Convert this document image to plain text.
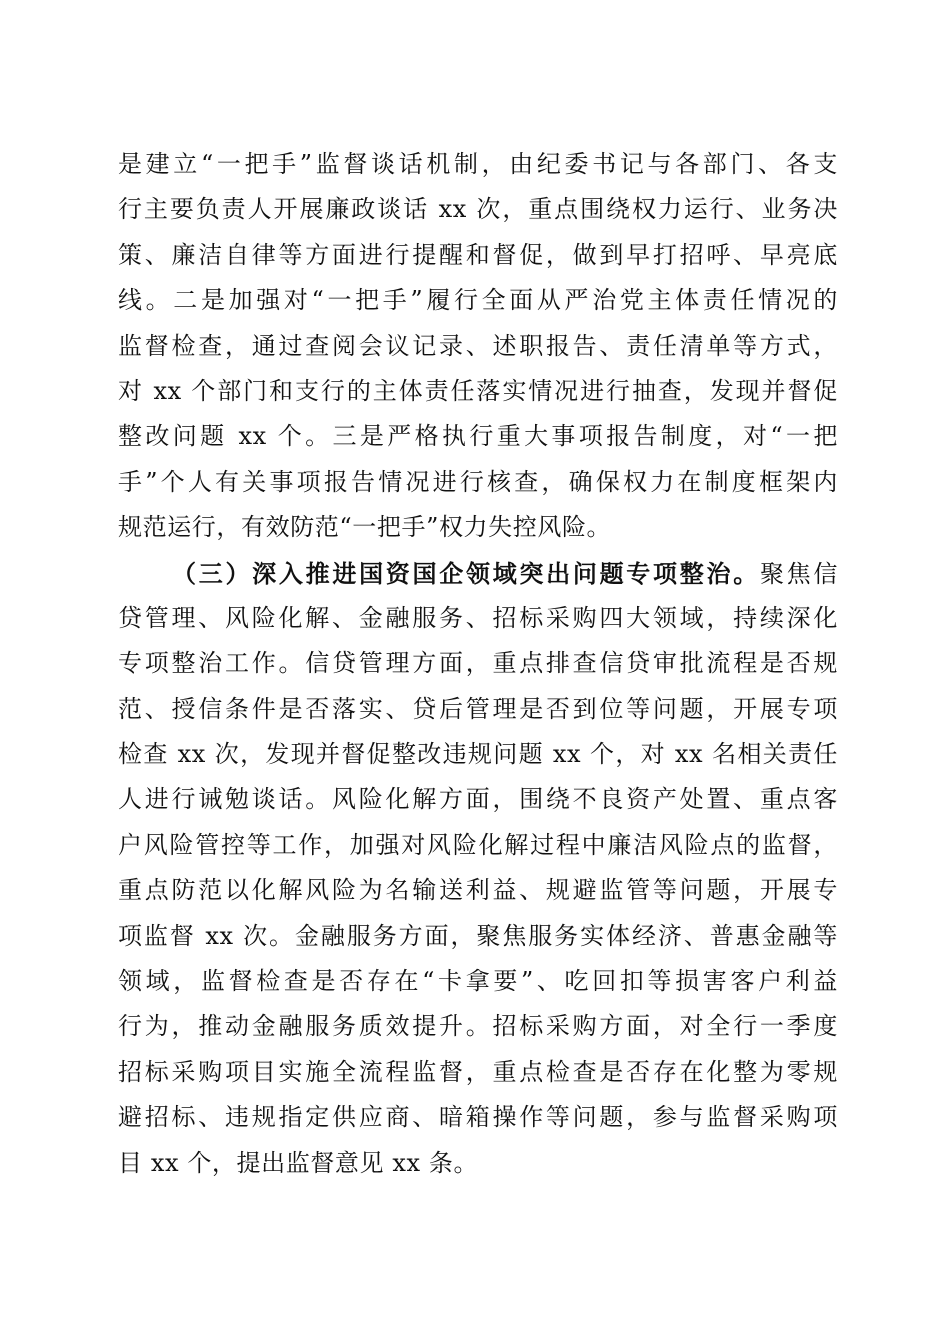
是建立“一把手”监督谈话机制，由纪委书记与各部门、各支
行主要负责人开展廉政谈话 xx 次，重点围绕权力运行、业务决
策、廉洁自律等方面进行提醒和督促，做到早打招呼、早亮底
线。二是加强对“一把手”履行全面从严治党主体责任情况的
监督检查，通过查阅会议记录、述职报告、责任清单等方式，
对 xx 个部门和支行的主体责任落实情况进行抽查，发现并督促
整改问题 xx 个。三是严格执行重大事项报告制度，对“一把
手”个人有关事项报告情况进行核查，确保权力在制度框架内
规范运行，有效防范“一把手”权力失控风险。
（三）深入推进国资国企领域突出问题专项整治。聚焦信
贷管理、风险化解、金融服务、招标采购四大领域，持续深化
专项整治工作。信贷管理方面，重点排查信贷审批流程是否规
范、授信条件是否落实、贷后管理是否到位等问题，开展专项
检查 xx 次，发现并督促整改违规问题 xx 个，对 xx 名相关责任
人进行诫勉谈话。风险化解方面，围绕不良资产处置、重点客
户风险管控等工作，加强对风险化解过程中廉洁风险点的监督，
重点防范以化解风险为名输送利益、规避监管等问题，开展专
项监督 xx 次。金融服务方面，聚焦服务实体经济、普惠金融等
领域，监督检查是否存在“卡拿要”、吃回扣等损害客户利益
行为，推动金融服务质效提升。招标采购方面，对全行一季度
招标采购项目实施全流程监督，重点检查是否存在化整为零规
避招标、违规指定供应商、暗箱操作等问题，参与监督采购项
目 xx 个，提出监督意见 xx 条。
